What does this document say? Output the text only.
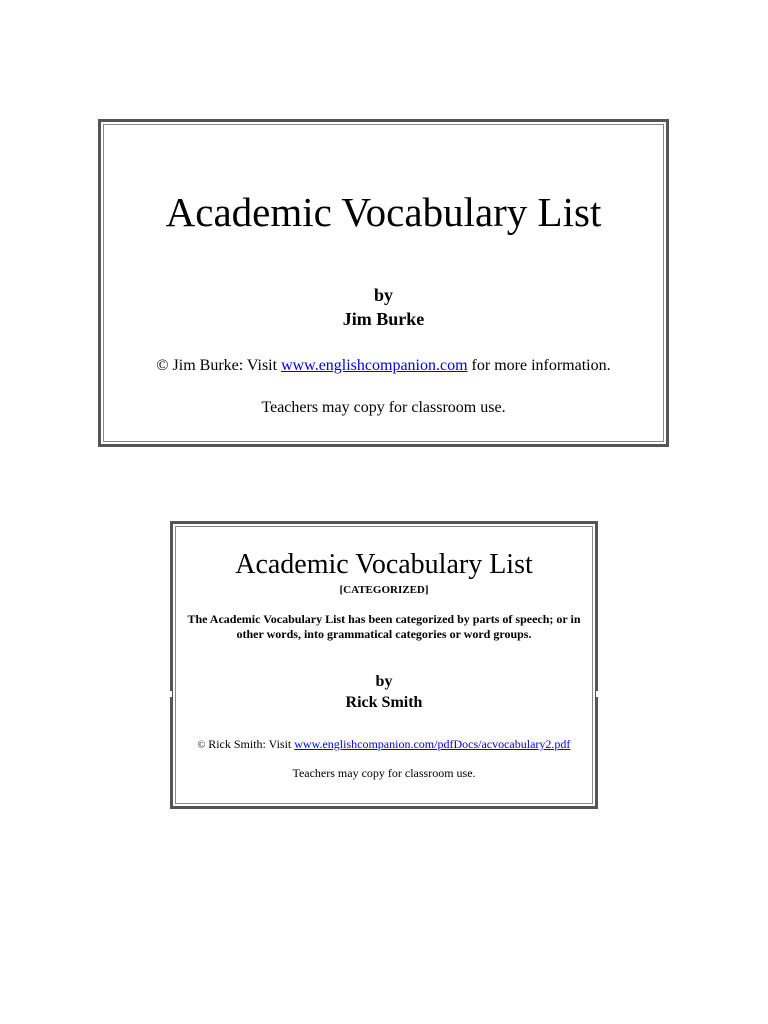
Academic Vocabulary List
by
Jim Burke
© Jim Burke: Visit www.englishcompanion.com for more information.
Teachers may copy for classroom use.
Academic Vocabulary List
[CATEGORIZED]
The Academic Vocabulary List has been categorized by parts of speech; or in other words, into grammatical categories or word groups.
by
Rick Smith
© Rick Smith: Visit www.englishcompanion.com/pdfDocs/acvocabulary2.pdf
Teachers may copy for classroom use.
